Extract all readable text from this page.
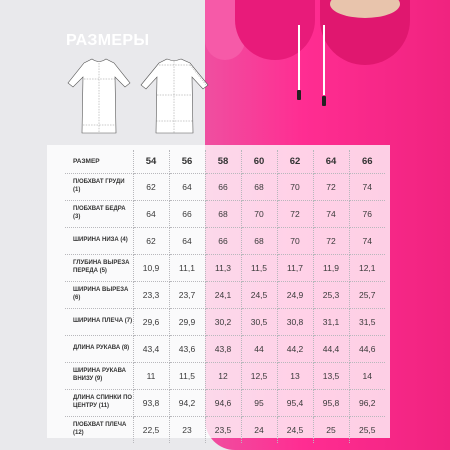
РАЗМЕРЫ
РАЗМЕР	54	56	58	60	62	64	66
П/ОБХВАТ ГРУДИ (1)	62	64	66	68	70	72	74
П/ОБХВАТ БЕДРА (3)	64	66	68	70	72	74	76
ШИРИНА НИЗА (4)	62	64	66	68	70	72	74
ГЛУБИНА ВЫРЕЗА ПЕРЕДА (5)	10,9	11,1	11,3	11,5	11,7	11,9	12,1
ШИРИНА ВЫРЕЗА (6)	23,3	23,7	24,1	24,5	24,9	25,3	25,7
ШИРИНА ПЛЕЧА (7)	29,6	29,9	30,2	30,5	30,8	31,1	31,5
ДЛИНА РУКАВА (8)	43,4	43,6	43,8	44	44,2	44,4	44,6
ШИРИНА РУКАВА ВНИЗУ (9)	11	11,5	12	12,5	13	13,5	14
ДЛИНА СПИНКИ ПО ЦЕНТРУ (11)	93,8	94,2	94,6	95	95,4	95,8	96,2
П/ОБХВАТ ПЛЕЧА (12)	22,5	23	23,5	24	24,5	25	25,5
